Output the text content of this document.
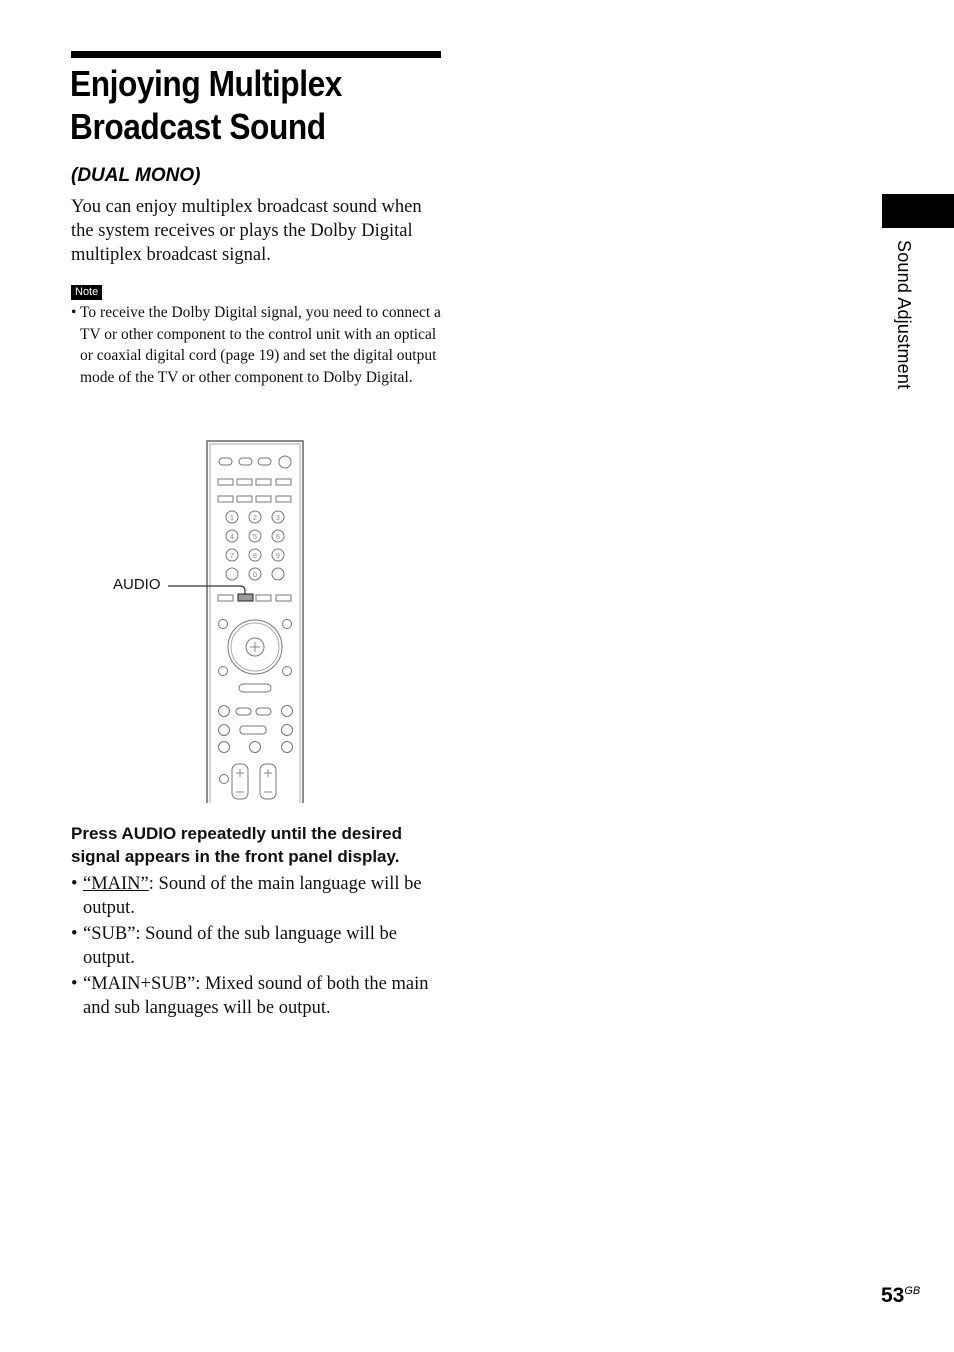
Enjoying Multiplex Broadcast Sound

(DUAL MONO)

You can enjoy multiplex broadcast sound when the system receives or plays the Dolby Digital multiplex broadcast signal.

Note

• To receive the Dolby Digital signal, you need to connect a TV or other component to the control unit with an optical or coaxial digital cord (page 19) and set the digital output mode of the TV or other component to Dolby Digital.

AUDIO
1	2	3
4	5	6
7	8	9
0

Press AUDIO repeatedly until the desired signal appears in the front panel display.

• “MAIN”: Sound of the main language will be output.
• “SUB”: Sound of the sub language will be output.
• “MAIN+SUB”: Mixed sound of both the main and sub languages will be output.
Sound Adjustment
$53^{GB}$
